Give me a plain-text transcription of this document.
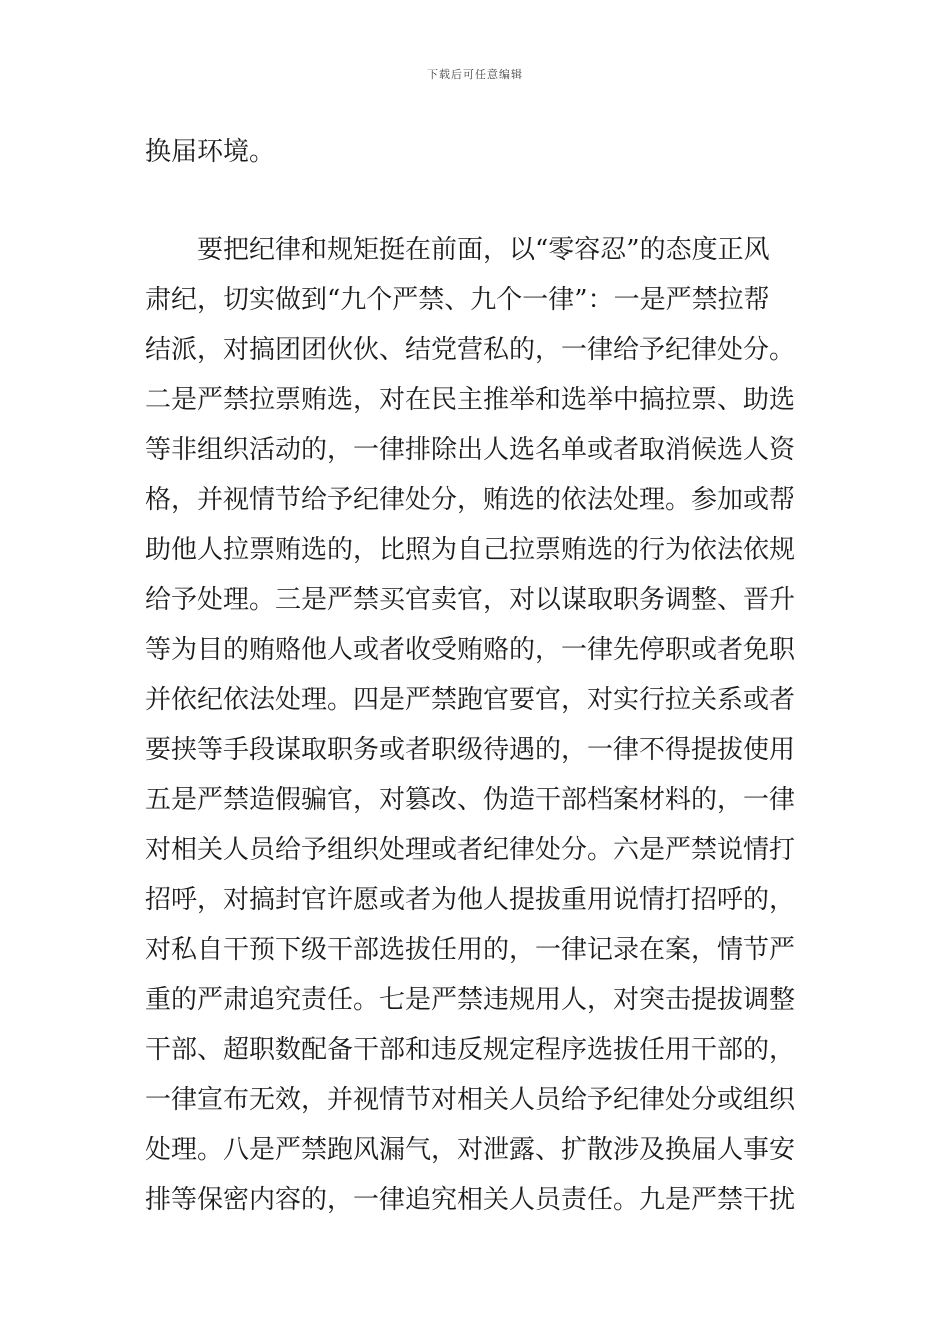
下载后可任意编辑
换届环境。
要把纪律和规矩挺在前面，以“零容忍”的态度正风
肃纪，切实做到“九个严禁、九个一律”：一是严禁拉帮
结派，对搞团团伙伙、结党营私的，一律给予纪律处分。
二是严禁拉票贿选，对在民主推举和选举中搞拉票、助选
等非组织活动的，一律排除出人选名单或者取消候选人资
格，并视情节给予纪律处分，贿选的依法处理。参加或帮
助他人拉票贿选的，比照为自己拉票贿选的行为依法依规
给予处理。三是严禁买官卖官，对以谋取职务调整、晋升
等为目的贿赂他人或者收受贿赂的，一律先停职或者免职
并依纪依法处理。四是严禁跑官要官，对实行拉关系或者
要挟等手段谋取职务或者职级待遇的，一律不得提拔使用
五是严禁造假骗官，对篡改、伪造干部档案材料的，一律
对相关人员给予组织处理或者纪律处分。六是严禁说情打
招呼，对搞封官许愿或者为他人提拔重用说情打招呼的，
对私自干预下级干部选拔任用的，一律记录在案，情节严
重的严肃追究责任。七是严禁违规用人，对突击提拔调整
干部、超职数配备干部和违反规定程序选拔任用干部的，
一律宣布无效，并视情节对相关人员给予纪律处分或组织
处理。八是严禁跑风漏气，对泄露、扩散涉及换届人事安
排等保密内容的，一律追究相关人员责任。九是严禁干扰
